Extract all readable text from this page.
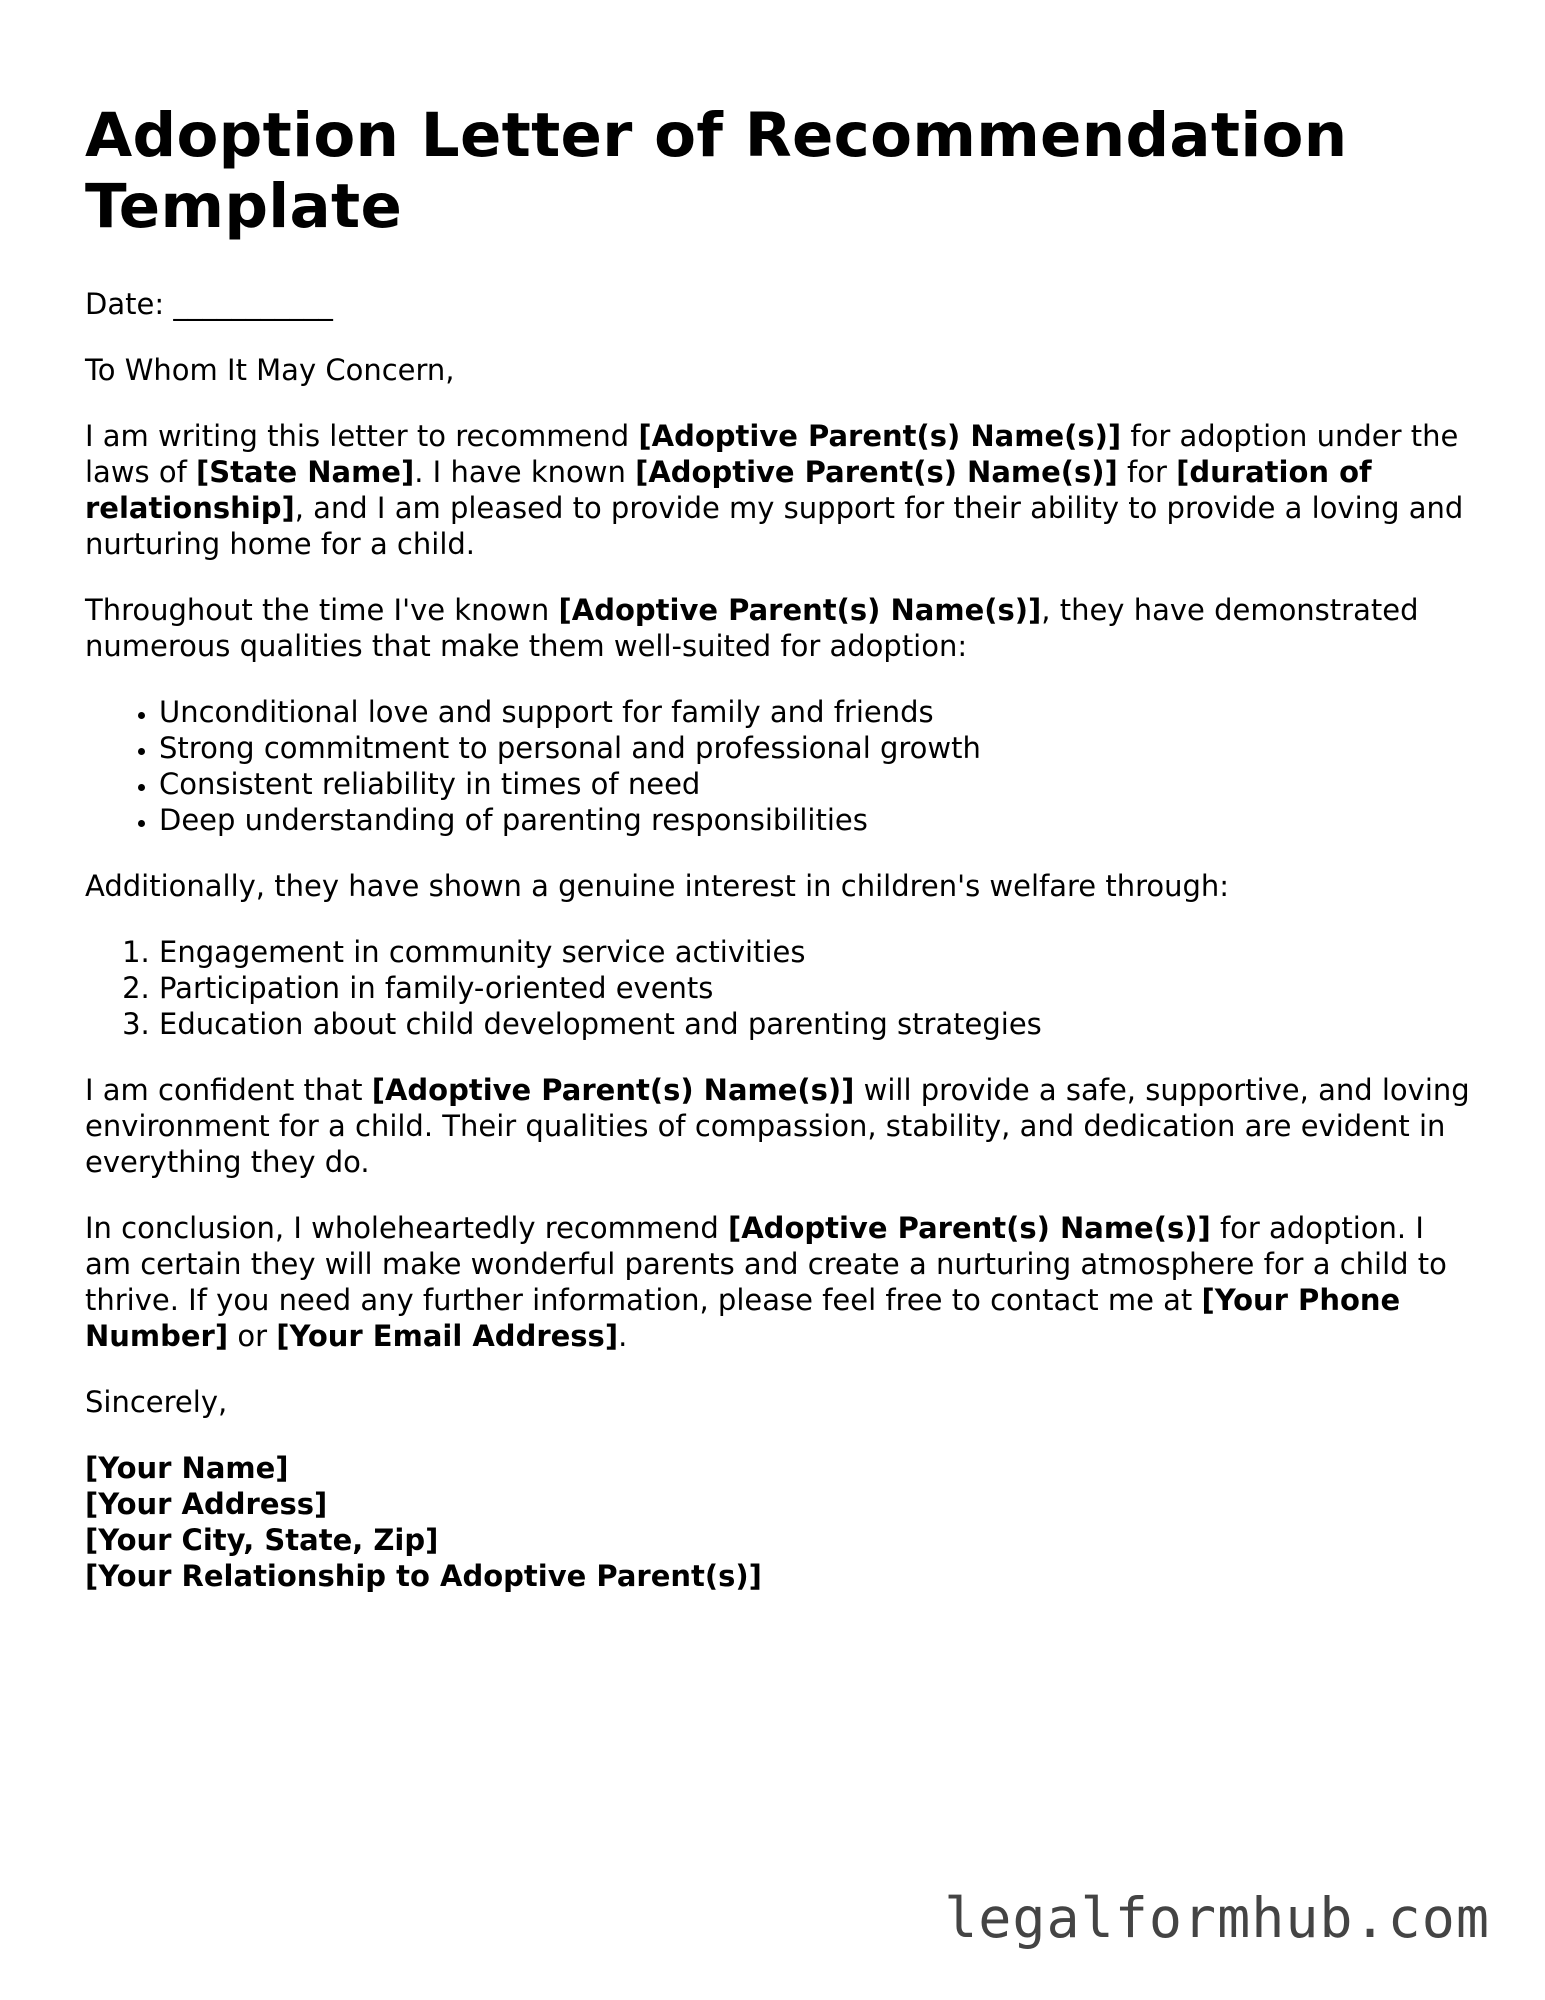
Adoption Letter of Recommendation Template

Date: ___________

To Whom It May Concern,

I am writing this letter to recommend [Adoptive Parent(s) Name(s)] for adoption under the laws of [State Name]. I have known [Adoptive Parent(s) Name(s)] for [duration of relationship], and I am pleased to provide my support for their ability to provide a loving and nurturing home for a child.

Throughout the time I've known [Adoptive Parent(s) Name(s)], they have demonstrated numerous qualities that make them well-suited for adoption:

• Unconditional love and support for family and friends
• Strong commitment to personal and professional growth
• Consistent reliability in times of need
• Deep understanding of parenting responsibilities

Additionally, they have shown a genuine interest in children's welfare through:

1. Engagement in community service activities
2. Participation in family-oriented events
3. Education about child development and parenting strategies

I am confident that [Adoptive Parent(s) Name(s)] will provide a safe, supportive, and loving environment for a child. Their qualities of compassion, stability, and dedication are evident in everything they do.

In conclusion, I wholeheartedly recommend [Adoptive Parent(s) Name(s)] for adoption. I am certain they will make wonderful parents and create a nurturing atmosphere for a child to thrive. If you need any further information, please feel free to contact me at [Your Phone Number] or [Your Email Address].

Sincerely,

[Your Name]
[Your Address]
[Your City, State, Zip]
[Your Relationship to Adoptive Parent(s)]

legalformhub.com
